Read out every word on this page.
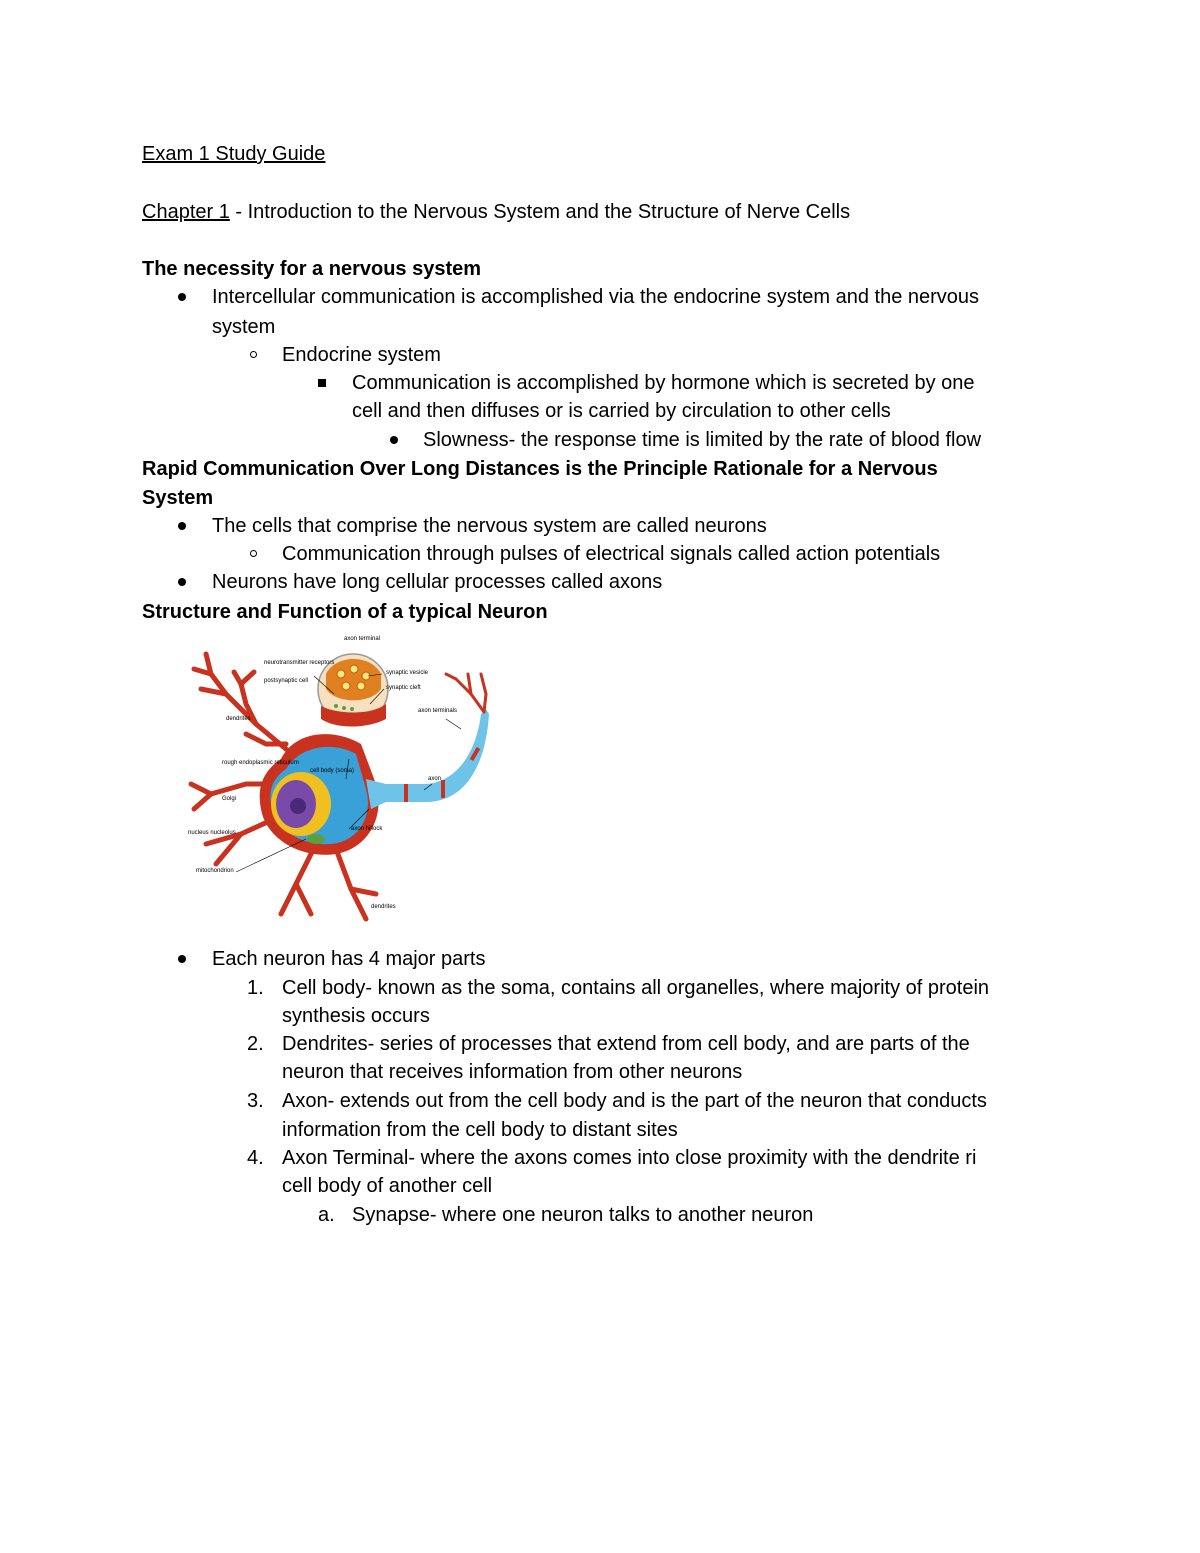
Exam 1 Study Guide
Chapter 1 - Introduction to the Nervous System and the Structure of Nerve Cells
The necessity for a nervous system
Intercellular communication is accomplished via the endocrine system and the nervous
system
Endocrine system
Communication is accomplished by hormone which is secreted by one
cell and then diffuses or is carried by circulation to other cells
Slowness- the response time is limited by the rate of blood flow
Rapid Communication Over Long Distances is the Principle Rationale for a Nervous
System
The cells that comprise the nervous system are called neurons
Communication through pulses of electrical signals called action potentials
Neurons have long cellular processes called axons
Structure and Function of a typical Neuron
axon terminal
neurotransmitter receptors
postsynaptic cell
synaptic vesicle
synaptic cleft
axon terminals
dendrites
rough endoplasmic reticulum
cell body (soma)
axon
Golgi
nucleus nucleolus
axon hillock
mitochondrion
dendrites
Each neuron has 4 major parts
1. Cell body- known as the soma, contains all organelles, where majority of protein
synthesis occurs
2. Dendrites- series of processes that extend from cell body, and are parts of the
neuron that receives information from other neurons
3. Axon- extends out from the cell body and is the part of the neuron that conducts
information from the cell body to distant sites
4. Axon Terminal- where the axons comes into close proximity with the dendrite ri
cell body of another cell
a. Synapse- where one neuron talks to another neuron
